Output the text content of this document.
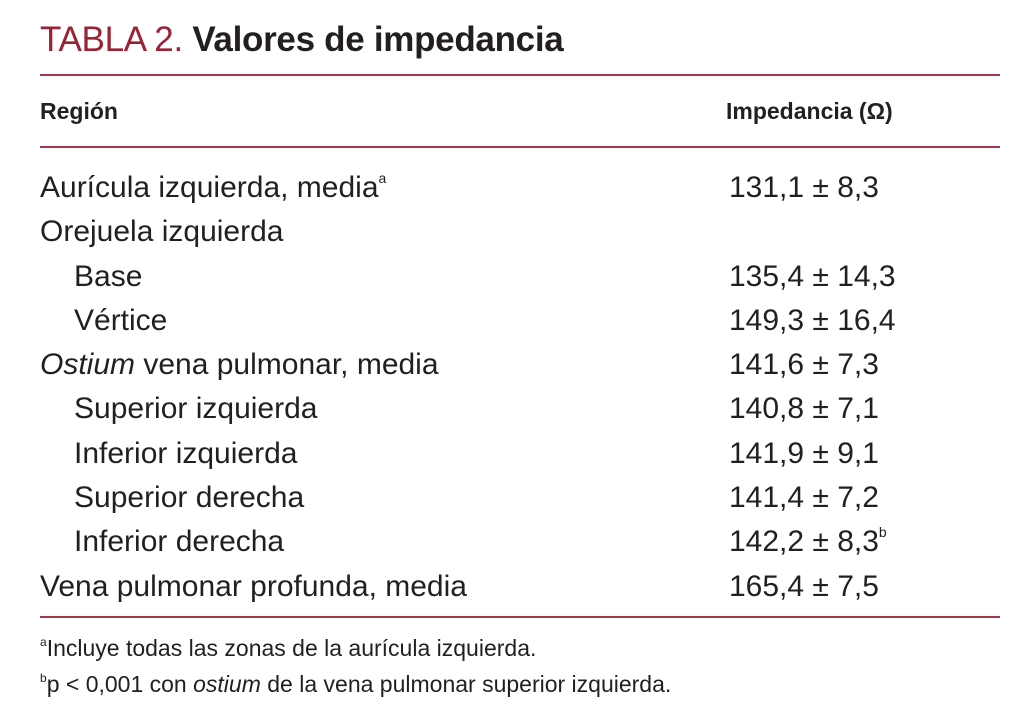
TABLA 2. Valores de impedancia
Región	Impedancia (Ω)
Aurícula izquierda, media$^a$	131,1 ± 8,3
Orejuela izquierda
Base	135,4 ± 14,3
Vértice	149,3 ± 16,4
Ostium vena pulmonar, media	141,6 ± 7,3
Superior izquierda	140,8 ± 7,1
Inferior izquierda	141,9 ± 9,1
Superior derecha	141,4 ± 7,2
Inferior derecha	142,2 ± 8,3$^b$
Vena pulmonar profunda, media	165,4 ± 7,5
$^a$Incluye todas las zonas de la aurícula izquierda.
$^b$p < 0,001 con ostium de la vena pulmonar superior izquierda.
